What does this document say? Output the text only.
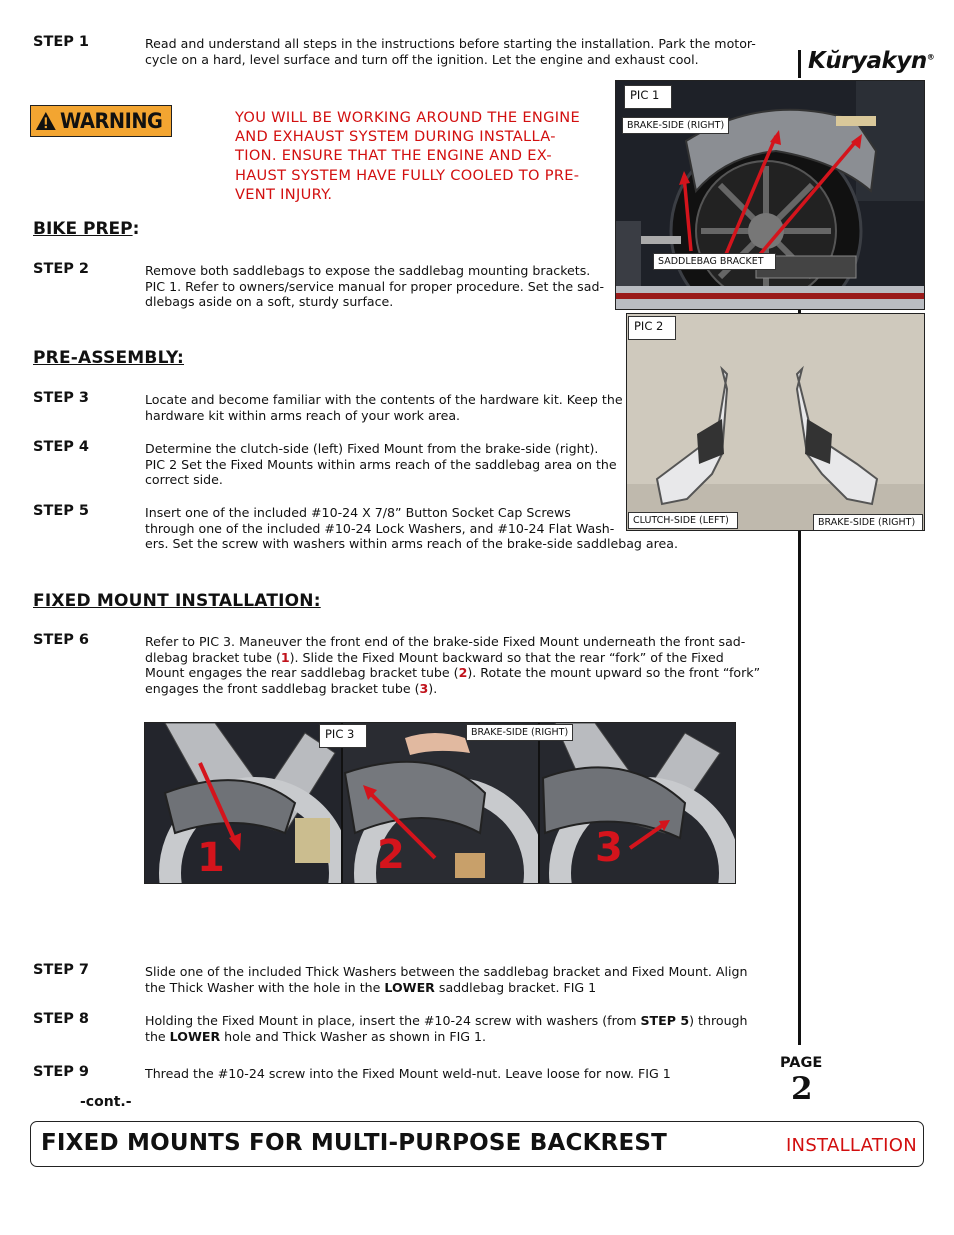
Kŭryakyn®
STEP 1	Read and understand all steps in the instructions before starting the installation. Park the motor-
cycle on a hard, level surface and turn off the ignition. Let the engine and exhaust cool.
WARNING	YOU WILL BE WORKING AROUND THE ENGINE
AND EXHAUST SYSTEM DURING INSTALLA-
TION. ENSURE THAT THE ENGINE AND EX-
HAUST SYSTEM HAVE FULLY COOLED TO PRE-
VENT INJURY.
BIKE PREP:
STEP 2	Remove both saddlebags to expose the saddlebag mounting brackets.
PIC 1. Refer to owners/service manual for proper procedure. Set the sad-
dlebags aside on a soft, sturdy surface.
PIC 1
BRAKE-SIDE (RIGHT)
SADDLEBAG BRACKET
PRE-ASSEMBLY:
STEP 3	Locate and become familiar with the contents of the hardware kit. Keep the
hardware kit within arms reach of your work area.
STEP 4	Determine the clutch-side (left) Fixed Mount from the brake-side (right).
PIC 2 Set the Fixed Mounts within arms reach of the saddlebag area on the
correct side.
STEP 5	Insert one of the included #10-24 X 7/8” Button Socket Cap Screws
through one of the included #10-24 Lock Washers, and #10-24 Flat Wash-
ers. Set the screw with washers within arms reach of the brake-side saddlebag area.
PIC 2
CLUTCH-SIDE (LEFT)	BRAKE-SIDE (RIGHT)
FIXED MOUNT INSTALLATION:
STEP 6	Refer to PIC 3. Maneuver the front end of the brake-side Fixed Mount underneath the front sad-
dlebag bracket tube (1). Slide the Fixed Mount backward so that the rear “fork” of the Fixed
Mount engages the rear saddlebag bracket tube (2). Rotate the mount upward so the front “fork”
engages the front saddlebag bracket tube (3).
1	2	3
PIC 3	BRAKE-SIDE (RIGHT)
STEP 7	Slide one of the included Thick Washers between the saddlebag bracket and Fixed Mount. Align
the Thick Washer with the hole in the LOWER saddlebag bracket. FIG 1
STEP 8	Holding the Fixed Mount in place, insert the #10-24 screw with washers (from STEP 5) through
the LOWER hole and Thick Washer as shown in FIG 1.
STEP 9	Thread the #10-24 screw into the Fixed Mount weld-nut. Leave loose for now. FIG 1
-cont.-
PAGE
2
FIXED MOUNTS FOR MULTI-PURPOSE BACKREST	INSTALLATION
